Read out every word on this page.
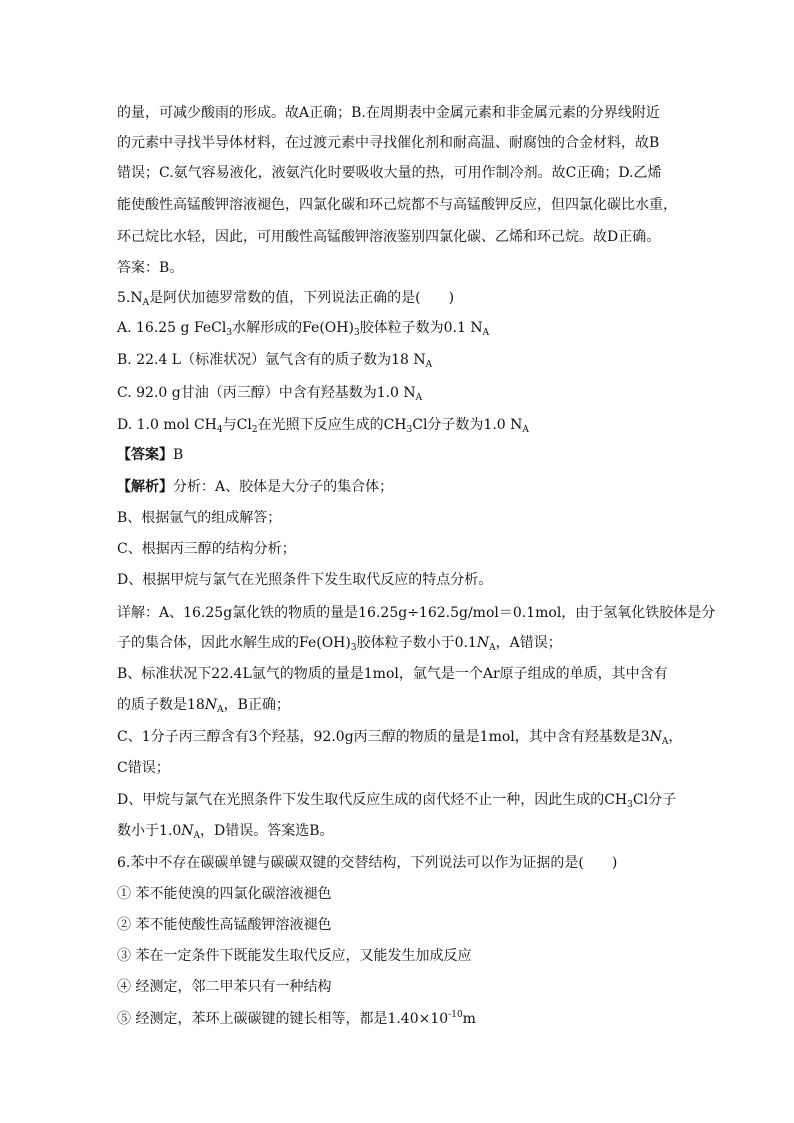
的量，可减少酸雨的形成。故A正确；B.在周期表中金属元素和非金属元素的分界线附近
的元素中寻找半导体材料，在过渡元素中寻找催化剂和耐高温、耐腐蚀的合金材料，故B
错误；C.氨气容易液化，液氨汽化时要吸收大量的热，可用作制冷剂。故C正确；D.乙烯
能使酸性高锰酸钾溶液褪色，四氯化碳和环己烷都不与高锰酸钾反应，但四氯化碳比水重，
环己烷比水轻，因此，可用酸性高锰酸钾溶液鉴别四氯化碳、乙烯和环己烷。故D正确。
答案：B。
$5.N_A$是阿伏加德罗常数的值，下列说法正确的是(　　)
A. 16.25 g FeCl$_3$水解形成的$Fe(OH)_3$胶体粒子数为0.1 $N_A$
B. 22.4 L（标准状况）氩气含有的质子数为18 $N_A$
C. 92.0 g甘油（丙三醇）中含有羟基数为1.0 $N_A$
D. 1.0 mol $CH_4$与$Cl_2$在光照下反应生成的$CH_3Cl$分子数为1.0 $N_A$
【答案】B
【解析】分析：A、胶体是大分子的集合体；
B、根据氩气的组成解答；
C、根据丙三醇的结构分析；
D、根据甲烷与氯气在光照条件下发生取代反应的特点分析。
详解：A、16.25g氯化铁的物质的量是16.25g÷162.5g/mol＝0.1mol，由于氢氧化铁胶体是分
子的集合体，因此水解生成的$Fe(OH)_3$胶体粒子数小于$0.1N_A$，A错误；
B、标准状况下22.4L氩气的物质的量是1mol，氩气是一个Ar原子组成的单质，其中含有
的质子数是$18N_A$，B正确；
C、1分子丙三醇含有3个羟基，92.0g丙三醇的物质的量是1mol，其中含有羟基数是$3N_A$，
C错误；
D、甲烷与氯气在光照条件下发生取代反应生成的卤代烃不止一种，因此生成的$CH_3Cl$分子
数小于$1.0N_A$，D错误。答案选B。
6.苯中不存在碳碳单键与碳碳双键的交替结构，下列说法可以作为证据的是(　　)
① 苯不能使溴的四氯化碳溶液褪色
② 苯不能使酸性高锰酸钾溶液褪色
③ 苯在一定条件下既能发生取代反应，又能发生加成反应
④ 经测定，邻二甲苯只有一种结构
⑤ 经测定，苯环上碳碳键的键长相等，都是$1.40\times 10^{-10}m$
